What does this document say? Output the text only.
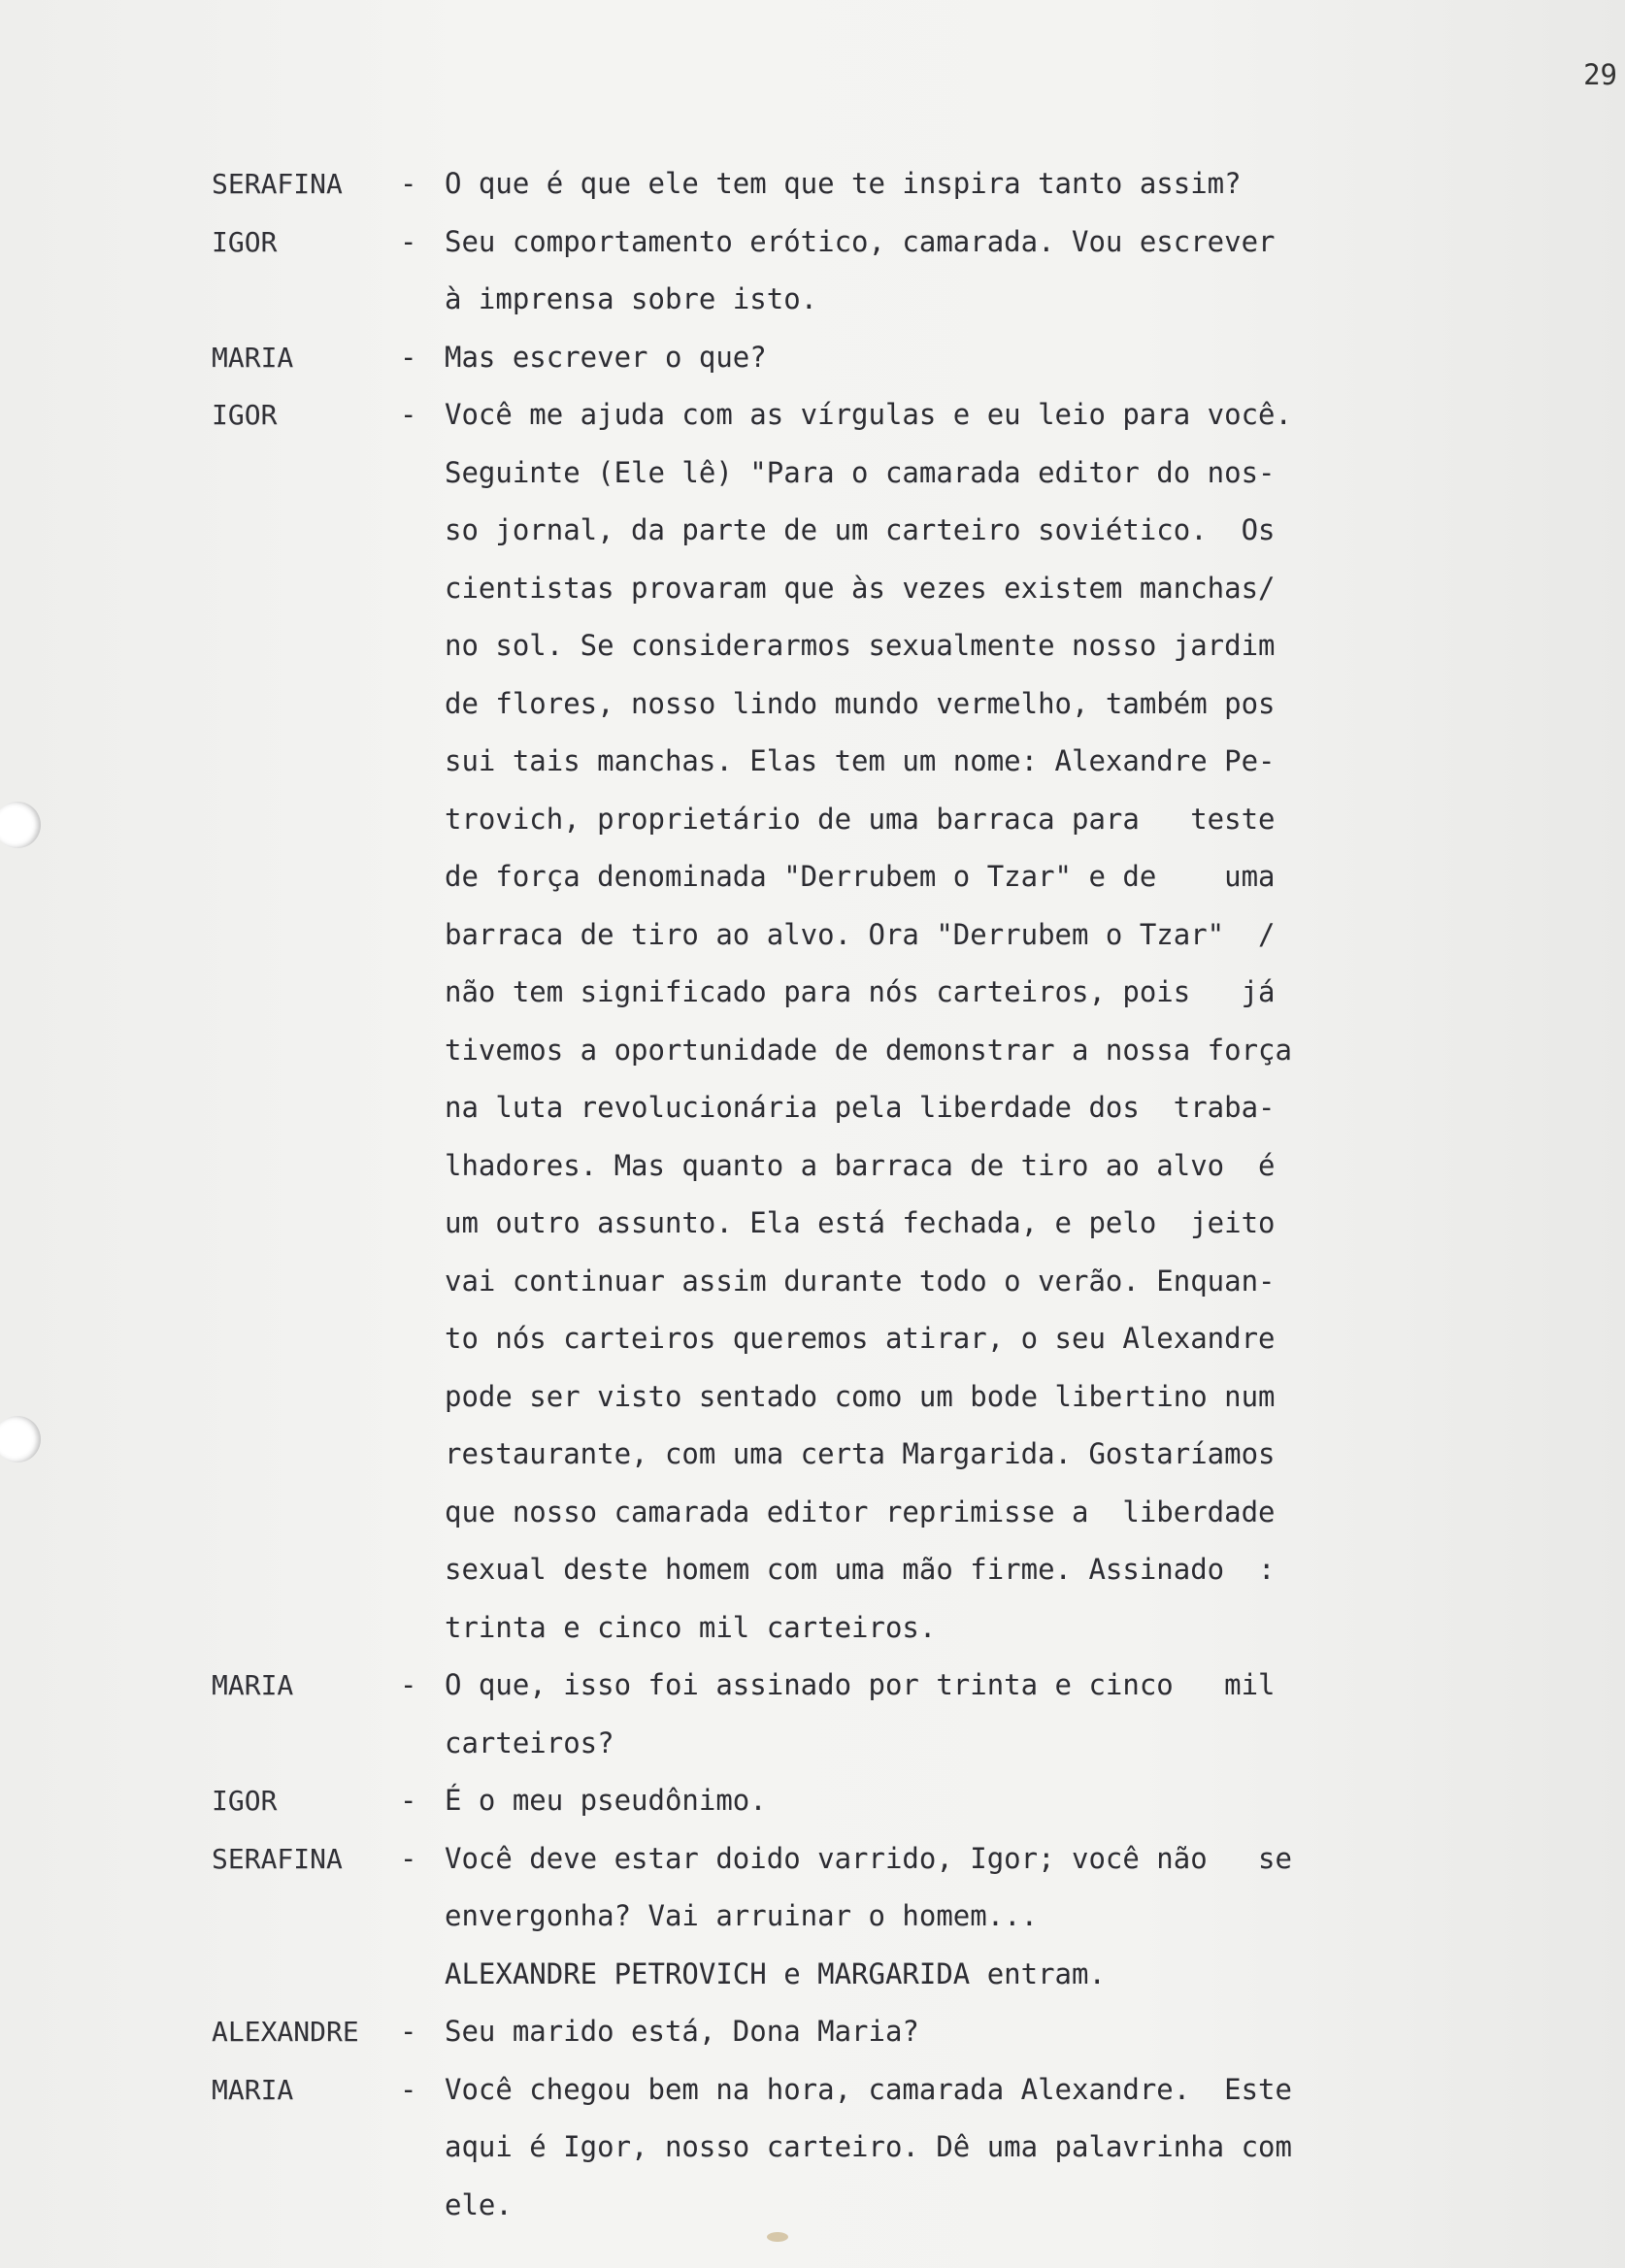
29
SERAFINA	- O que é que ele tem que te inspira tanto assim?
IGOR	- Seu comportamento erótico, camarada. Vou escrever
à imprensa sobre isto.
MARIA	- Mas escrever o que?
IGOR	- Você me ajuda com as vírgulas e eu leio para você.
Seguinte (Ele lê) "Para o camarada editor do nos-
so jornal, da parte de um carteiro soviético.  Os
cientistas provaram que às vezes existem manchas/
no sol. Se considerarmos sexualmente nosso jardim
de flores, nosso lindo mundo vermelho, também pos
sui tais manchas. Elas tem um nome: Alexandre Pe-
trovich, proprietário de uma barraca para   teste
de força denominada "Derrubem o Tzar" e de    uma
barraca de tiro ao alvo. Ora "Derrubem o Tzar"  /
não tem significado para nós carteiros, pois   já
tivemos a oportunidade de demonstrar a nossa força
na luta revolucionária pela liberdade dos  traba-
lhadores. Mas quanto a barraca de tiro ao alvo  é
um outro assunto. Ela está fechada, e pelo  jeito
vai continuar assim durante todo o verão. Enquan-
to nós carteiros queremos atirar, o seu Alexandre
pode ser visto sentado como um bode libertino num
restaurante, com uma certa Margarida. Gostaríamos
que nosso camarada editor reprimisse a  liberdade
sexual deste homem com uma mão firme. Assinado  :
trinta e cinco mil carteiros.
MARIA	- O que, isso foi assinado por trinta e cinco   mil
carteiros?
IGOR	- É o meu pseudônimo.
SERAFINA	- Você deve estar doido varrido, Igor; você não   se
envergonha? Vai arruinar o homem...
ALEXANDRE PETROVICH e MARGARIDA entram.
ALEXANDRE	- Seu marido está, Dona Maria?
MARIA	- Você chegou bem na hora, camarada Alexandre.  Este
aqui é Igor, nosso carteiro. Dê uma palavrinha com
ele.
